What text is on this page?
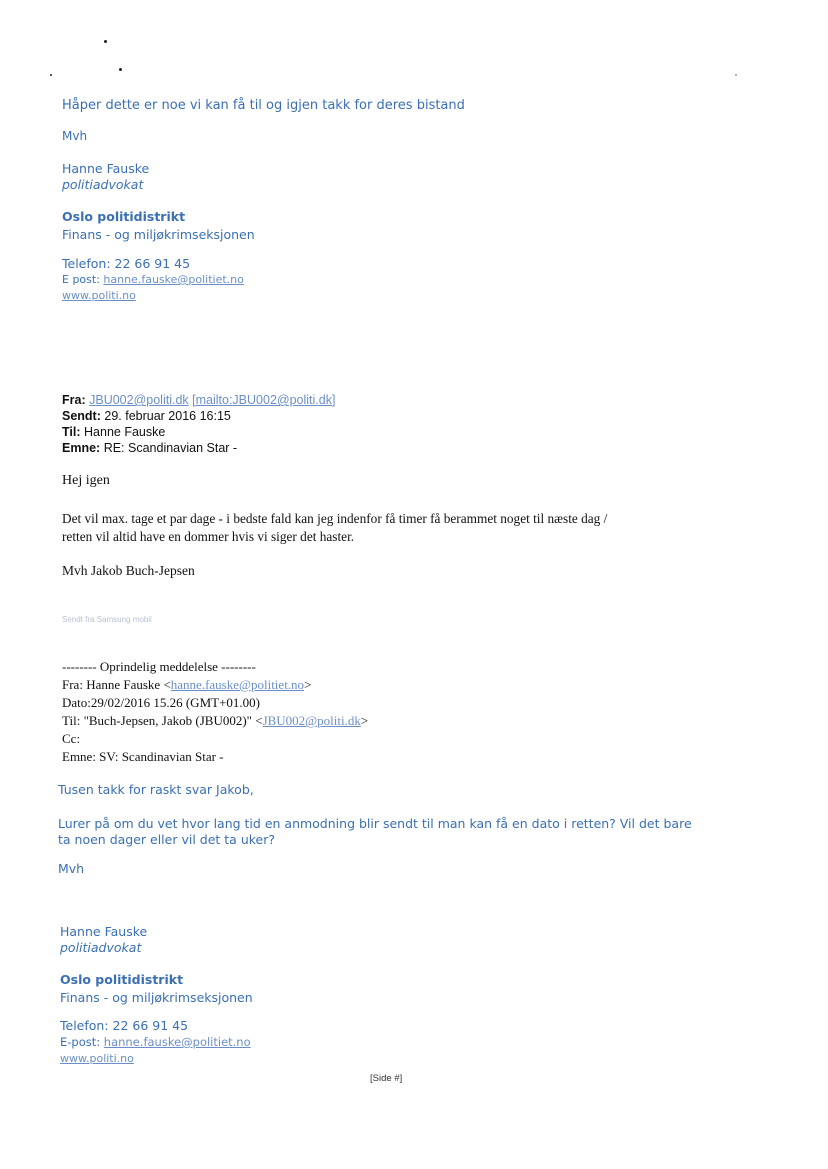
Håper dette er noe vi kan få til og igjen takk for deres bistand
Mvh
Hanne Fauske
politiadvokat
Oslo politidistrikt
Finans - og miljøkrimseksjonen
Telefon: 22 66 91 45
E post: hanne.fauske@politiet.no
www.politi.no
Fra: JBU002@politi.dk [mailto:JBU002@politi.dk]
Sendt: 29. februar 2016 16:15
Til: Hanne Fauske
Emne: RE: Scandinavian Star -
Hej igen
Det vil max. tage et par dage - i bedste fald kan jeg indenfor få timer få berammet noget til næste dag /
retten vil altid have en dommer hvis vi siger det haster.
Mvh Jakob Buch-Jepsen
Sendt fra Samsung mobil
-------- Oprindelig meddelelse --------
Fra: Hanne Fauske <hanne.fauske@politiet.no>
Dato:29/02/2016 15.26 (GMT+01.00)
Til: "Buch-Jepsen, Jakob (JBU002)" <JBU002@politi.dk>
Cc:
Emne: SV: Scandinavian Star -
Tusen takk for raskt svar Jakob,
Lurer på om du vet hvor lang tid en anmodning blir sendt til man kan få en dato i retten? Vil det bare
ta noen dager eller vil det ta uker?
Mvh
Hanne Fauske
politiadvokat
Oslo politidistrikt
Finans - og miljøkrimseksjonen
Telefon: 22 66 91 45
E-post: hanne.fauske@politiet.no
www.politi.no
[Side #]
